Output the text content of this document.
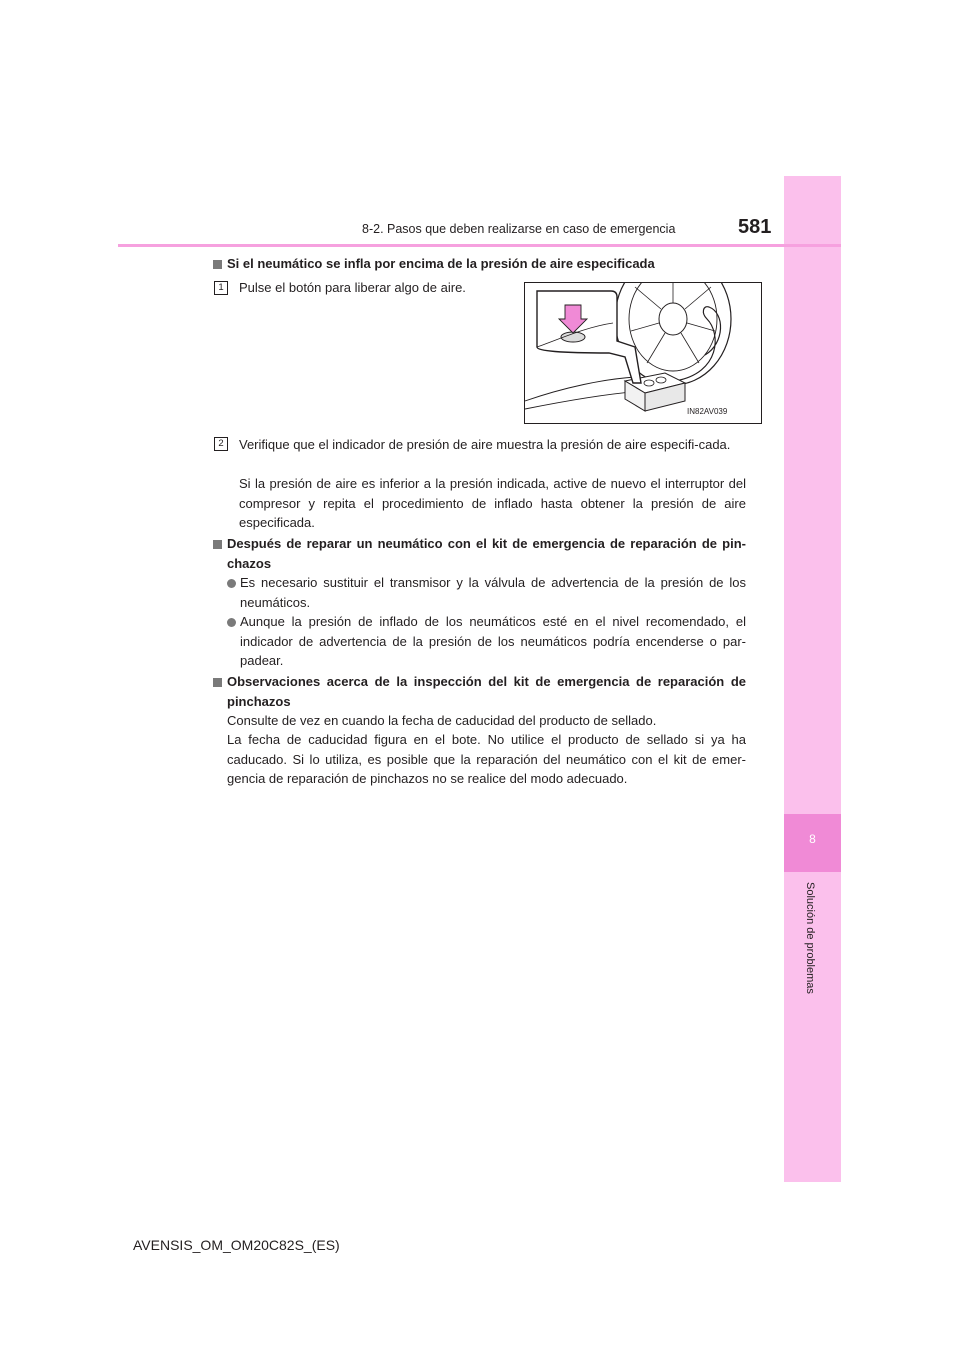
8
Solución de problemas
8-2. Pasos que deben realizarse en caso de emergencia	581
Si el neumático se infla por encima de la presión de aire especificada
1	Pulse el botón para liberar algo de aire.
IN82AV039
2	Verifique que el indicador de presión de aire muestra la presión de aire especifi-cada.
Si la presión de aire es inferior a la presión indicada, active de nuevo el interruptor del compresor y repita el procedimiento de inflado hasta obtener la presión de aire especificada.
Después de reparar un neumático con el kit de emergencia de reparación de pin-chazos
Es necesario sustituir el transmisor y la válvula de advertencia de la presión de los neumáticos.
Aunque la presión de inflado de los neumáticos esté en el nivel recomendado, el indicador de advertencia de la presión de los neumáticos podría encenderse o par-padear.
Observaciones acerca de la inspección del kit de emergencia de reparación de pinchazos
Consulte de vez en cuando la fecha de caducidad del producto de sellado.
La fecha de caducidad figura en el bote. No utilice el producto de sellado si ya ha caducado. Si lo utiliza, es posible que la reparación del neumático con el kit de emer-gencia de reparación de pinchazos no se realice del modo adecuado.
AVENSIS_OM_OM20C82S_(ES)
